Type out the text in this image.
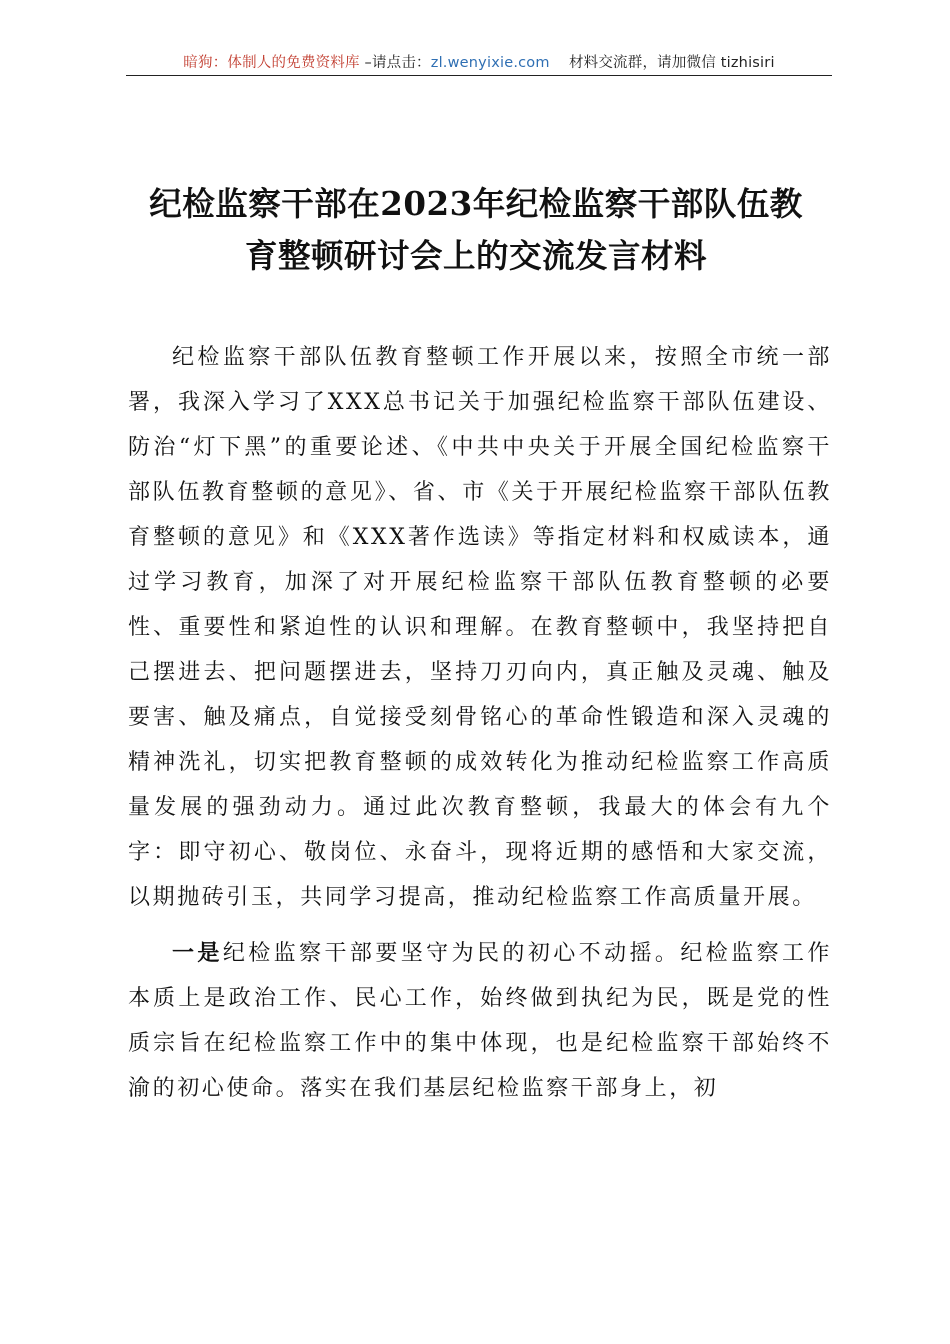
暗狗：体制人的免费资料库 –请点击：zl.wenyixie.com 材料交流群，请加微信 tizhisiri
纪检监察干部在2023年纪检监察干部队伍教
育整顿研讨会上的交流发言材料

纪检监察干部队伍教育整顿工作开展以来，按照全市统一部署，我深入学习了XXX总书记关于加强纪检监察干部队伍建设、防治“灯下黑”的重要论述、《中共中央关于开展全国纪检监察干部队伍教育整顿的意见》、省、市《关于开展纪检监察干部队伍教育整顿的意见》和《XXX著作选读》等指定材料和权威读本，通过学习教育，加深了对开展纪检监察干部队伍教育整顿的必要性、重要性和紧迫性的认识和理解。在教育整顿中，我坚持把自己摆进去、把问题摆进去，坚持刀刃向内，真正触及灵魂、触及要害、触及痛点，自觉接受刻骨铭心的革命性锻造和深入灵魂的精神洗礼，切实把教育整顿的成效转化为推动纪检监察工作高质量发展的强劲动力。通过此次教育整顿，我最大的体会有九个字：即守初心、敬岗位、永奋斗，现将近期的感悟和大家交流，以期抛砖引玉，共同学习提高，推动纪检监察工作高质量开展。

一是纪检监察干部要坚守为民的初心不动摇。纪检监察工作本质上是政治工作、民心工作，始终做到执纪为民，既是党的性质宗旨在纪检监察工作中的集中体现，也是纪检监察干部始终不渝的初心使命。落实在我们基层纪检监察干部身上，初
